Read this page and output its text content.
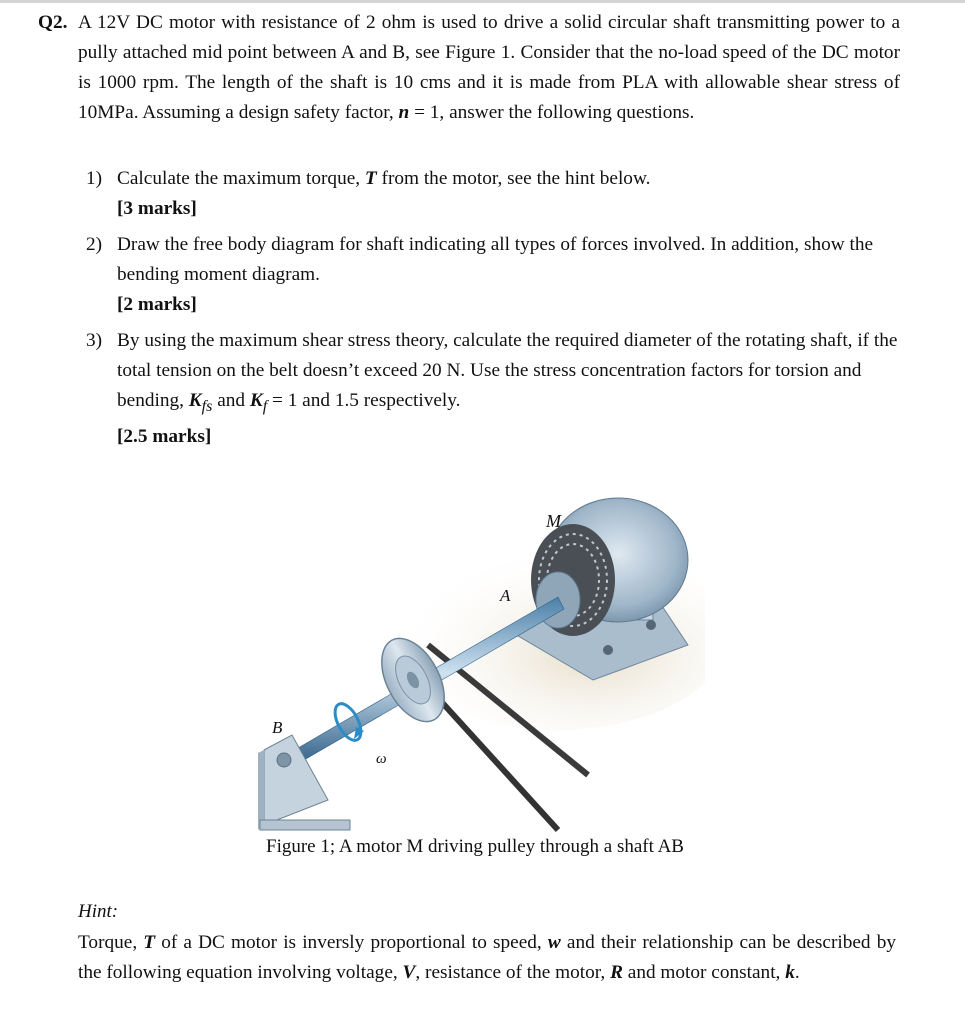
Q2. A 12V DC motor with resistance of 2 ohm is used to drive a solid circular shaft transmitting power to a pully attached mid point between A and B, see Figure 1. Consider that the no-load speed of the DC motor is 1000 rpm. The length of the shaft is 10 cms and it is made from PLA with allowable shear stress of 10MPa. Assuming a design safety factor, n = 1, answer the following questions.

1) Calculate the maximum torque, T from the motor, see the hint below.
[3 marks]
2) Draw the free body diagram for shaft indicating all types of forces involved. In addition, show the bending moment diagram.
[2 marks]
3) By using the maximum shear stress theory, calculate the required diameter of the rotating shaft, if the total tension on the belt doesn’t exceed 20 N. Use the stress concentration factors for torsion and bending, $K_{fs}$ and $K_f = 1$ and 1.5 respectively.
[2.5 marks]
M
A
B
ω
Figure 1; A motor M driving pulley through a shaft AB
Hint:
Torque, T of a DC motor is inversly proportional to speed, w and their relationship can be described by the following equation involving voltage, V, resistance of the motor, R and motor constant, k.
